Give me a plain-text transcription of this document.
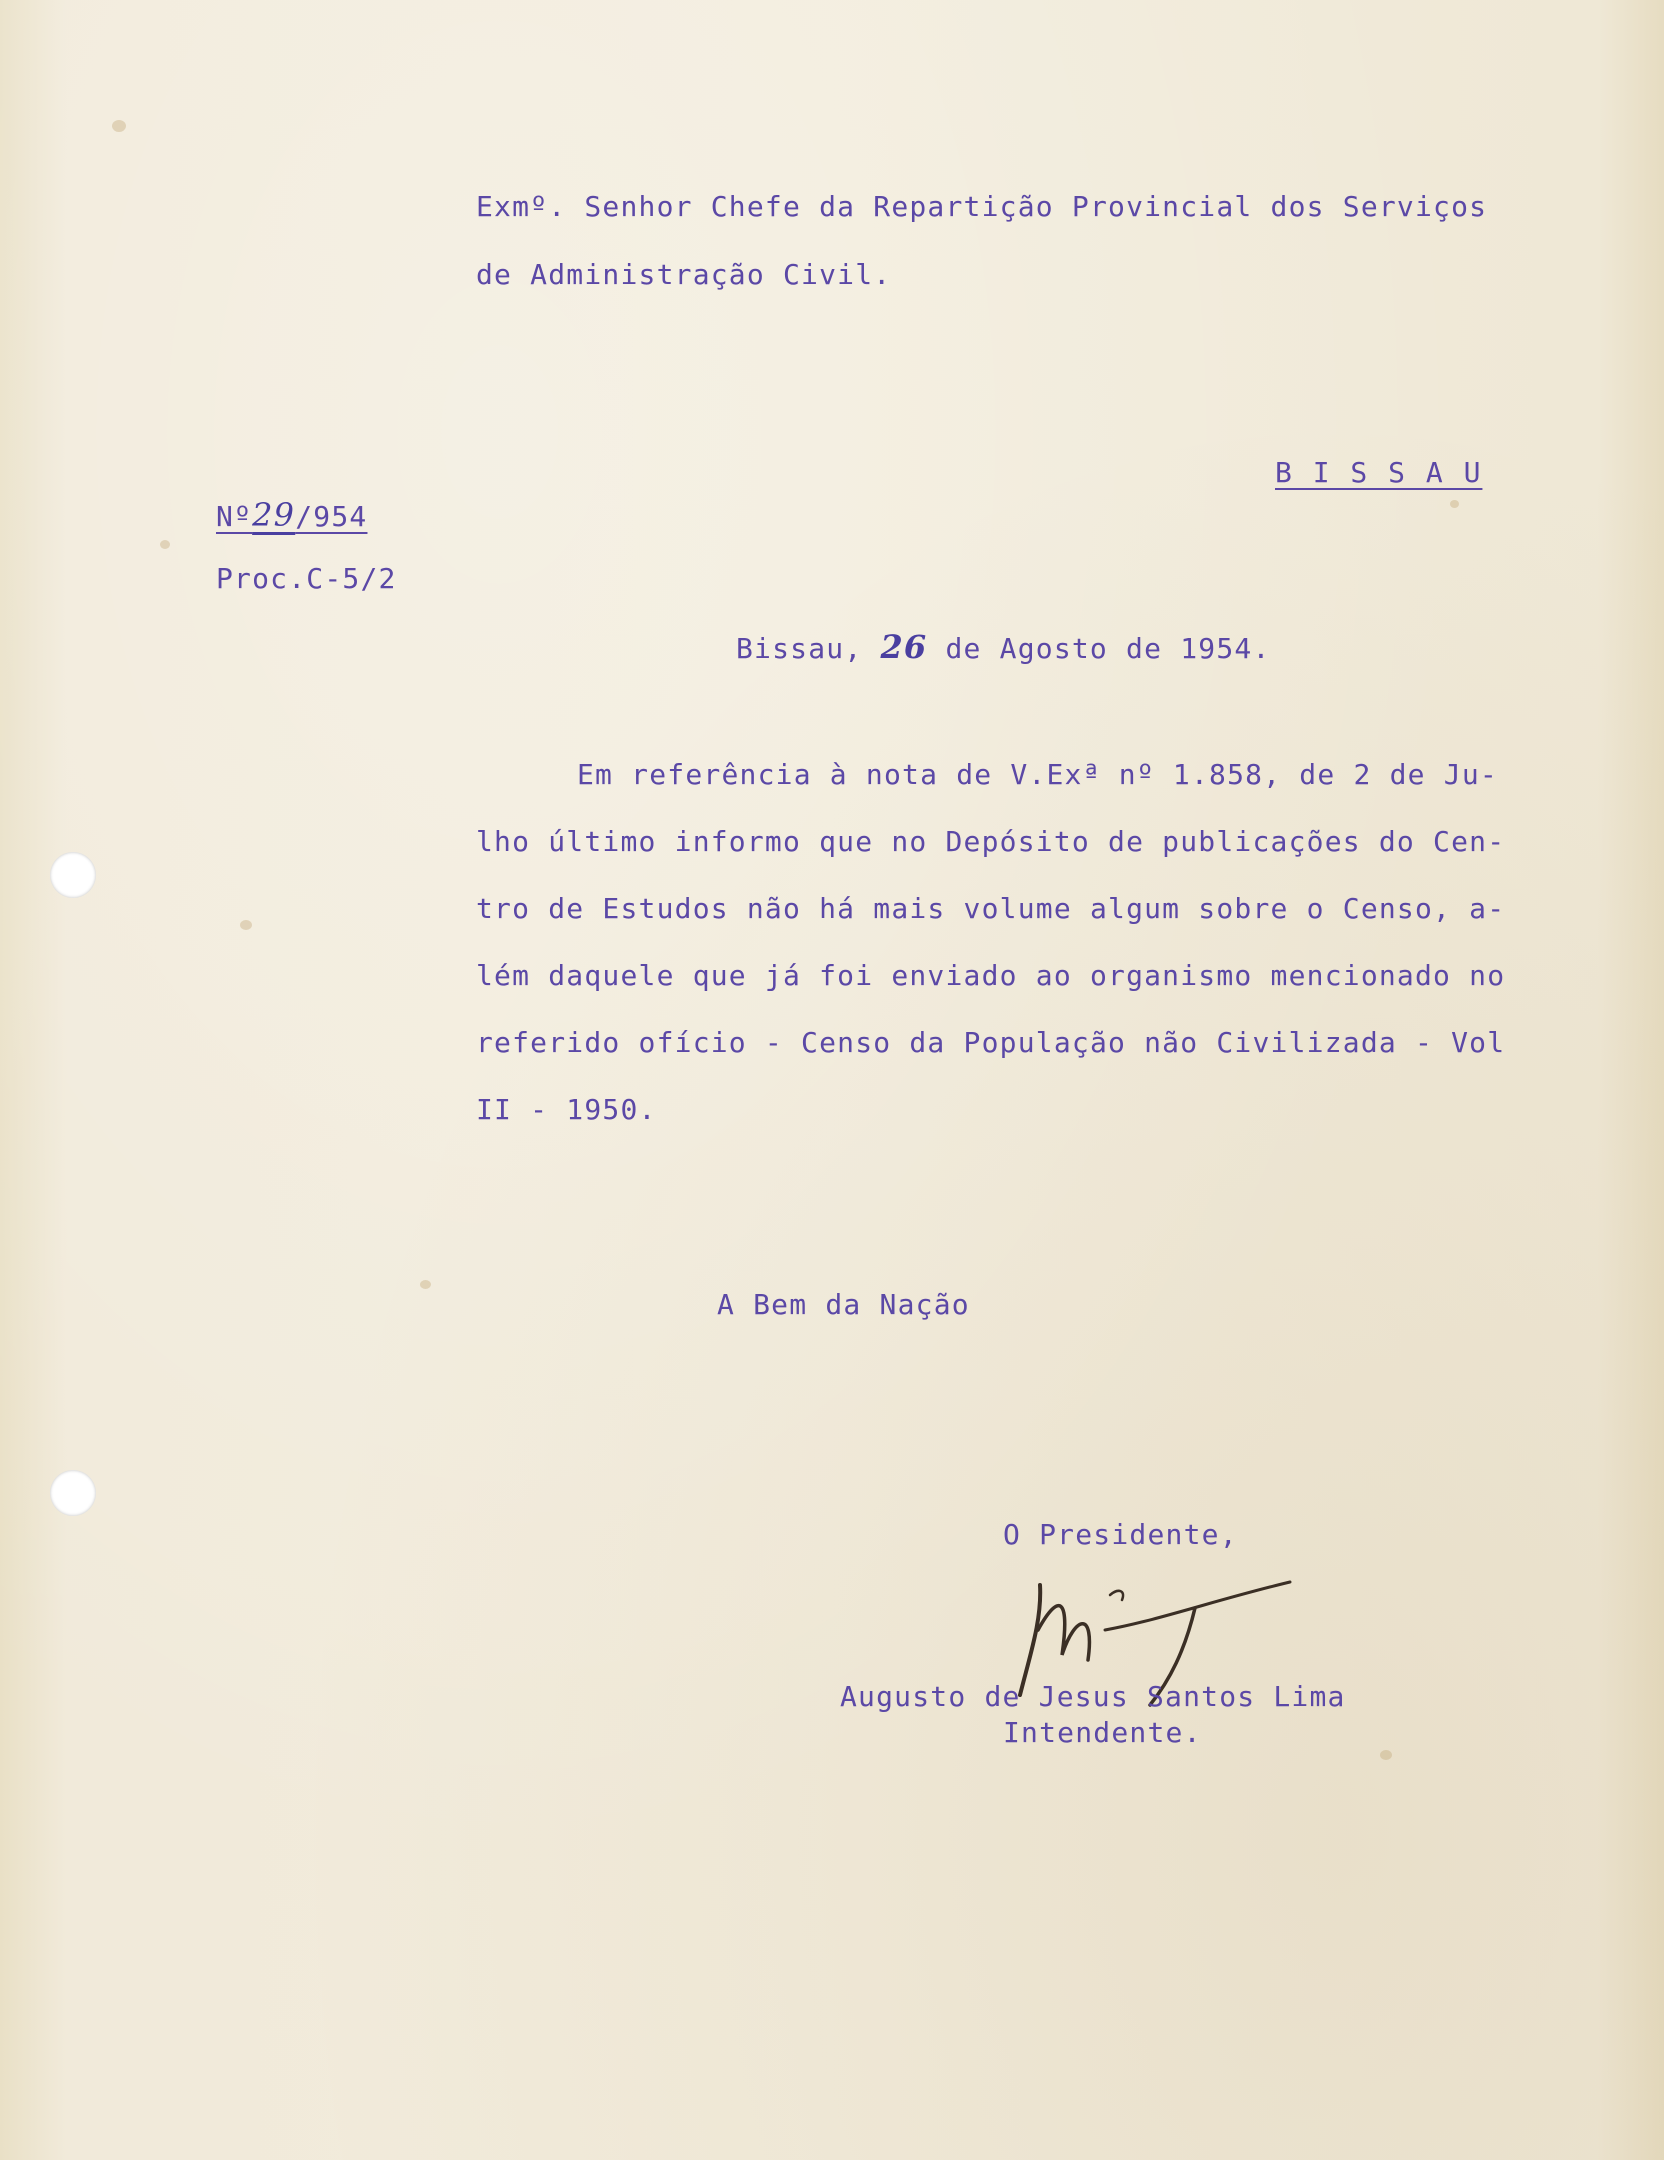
Exmº. Senhor Chefe da Repartição Provincial dos Serviços

de Administração Civil.

B I S S A U

Nº29/954

Proc.C-5/2

Bissau, 26 de Agosto de 1954.

Em referência à nota de V.Exª nº 1.858, de 2 de Ju-

lho último informo que no Depósito de publicações do Cen-

tro de Estudos não há mais volume algum sobre o Censo, a-

lém daquele que já foi enviado ao organismo mencionado no

referido ofício - Censo da População não Civilizada - Vol

II - 1950.

A Bem da Nação

O Presidente,

Augusto de Jesus Santos Lima

Intendente.
